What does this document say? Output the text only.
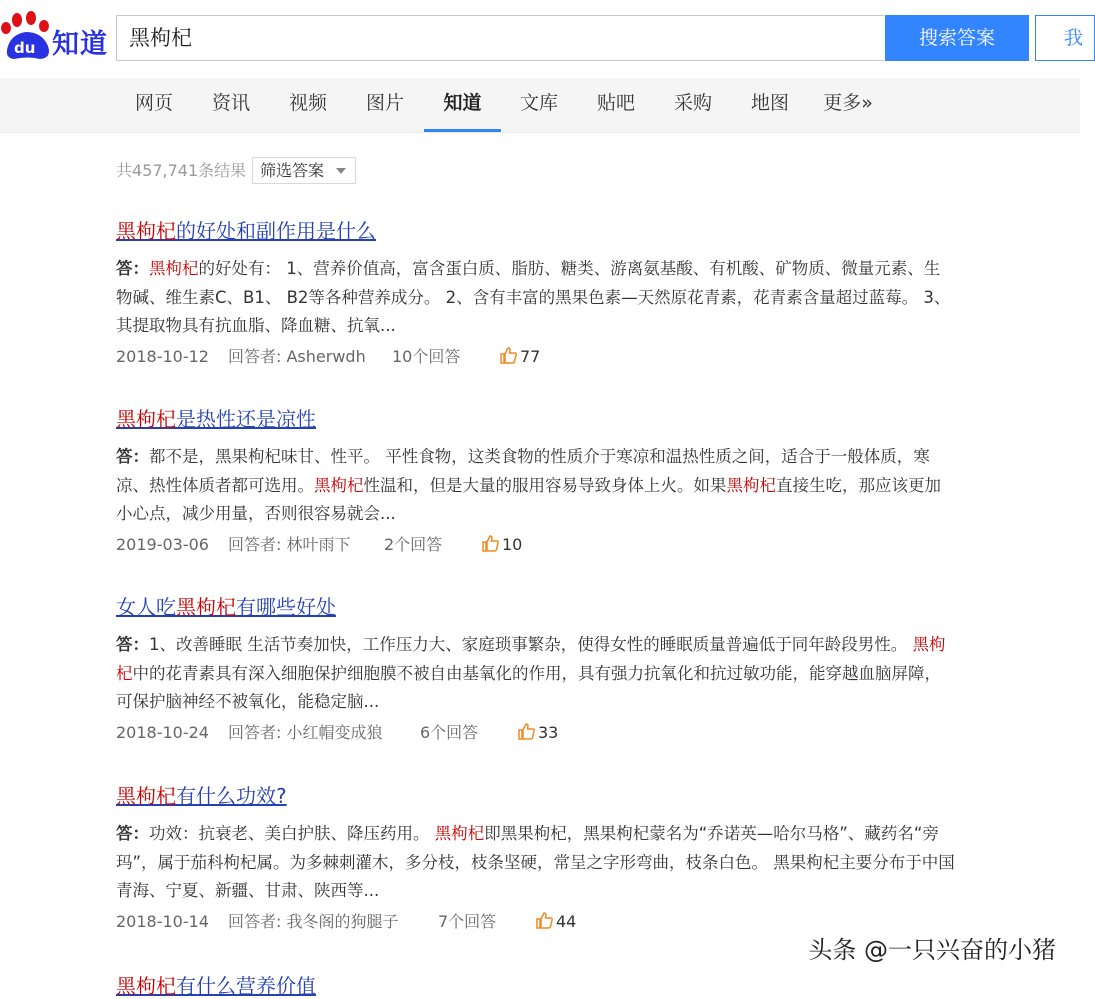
du 知道	黑枸杞	搜索答案	我
网页	资讯	视频	图片	知道	文库	贴吧	采购	地图	更多»
共457,741条结果 筛选答案
黑枸杞的好处和副作用是什么
答：黑枸杞的好处有： 1、营养价值高，富含蛋白质、脂肪、糖类、游离氨基酸、有机酸、矿物质、微量元素、生物碱、维生素C、B1、 B2等各种营养成分。 2、含有丰富的黑果色素—天然原花青素，花青素含量超过蓝莓。 3、其提取物具有抗血脂、降血糖、抗氧...
2018-10-12 回答者: Asherwdh 10个回答	77
黑枸杞是热性还是凉性
答：都不是，黑果枸杞味甘、性平。 平性食物，这类食物的性质介于寒凉和温热性质之间，适合于一般体质，寒凉、热性体质者都可选用。黑枸杞性温和，但是大量的服用容易导致身体上火。如果黑枸杞直接生吃，那应该更加小心点，减少用量，否则很容易就会...
2019-03-06 回答者: 林叶雨下 2个回答	10
女人吃黑枸杞有哪些好处
答：1、改善睡眠 生活节奏加快，工作压力大、家庭琐事繁杂，使得女性的睡眠质量普遍低于同年龄段男性。 黑枸杞中的花青素具有深入细胞保护细胞膜不被自由基氧化的作用，具有强力抗氧化和抗过敏功能，能穿越血脑屏障，可保护脑神经不被氧化，能稳定脑...
2018-10-24 回答者: 小红帽变成狼 6个回答	33
黑枸杞有什么功效?
答：功效：抗衰老、美白护肤、降压药用。 黑枸杞即黑果枸杞，黑果枸杞蒙名为“乔诺英—哈尔马格”、藏药名“旁玛”，属于茄科枸杞属。为多棘刺灌木，多分枝，枝条坚硬，常呈之字形弯曲，枝条白色。 黑果枸杞主要分布于中国青海、宁夏、新疆、甘肃、陕西等...
2018-10-14 回答者: 我冬阁的狗腿子 7个回答	44
黑枸杞有什么营养价值
头条 @一只兴奋的小猪
